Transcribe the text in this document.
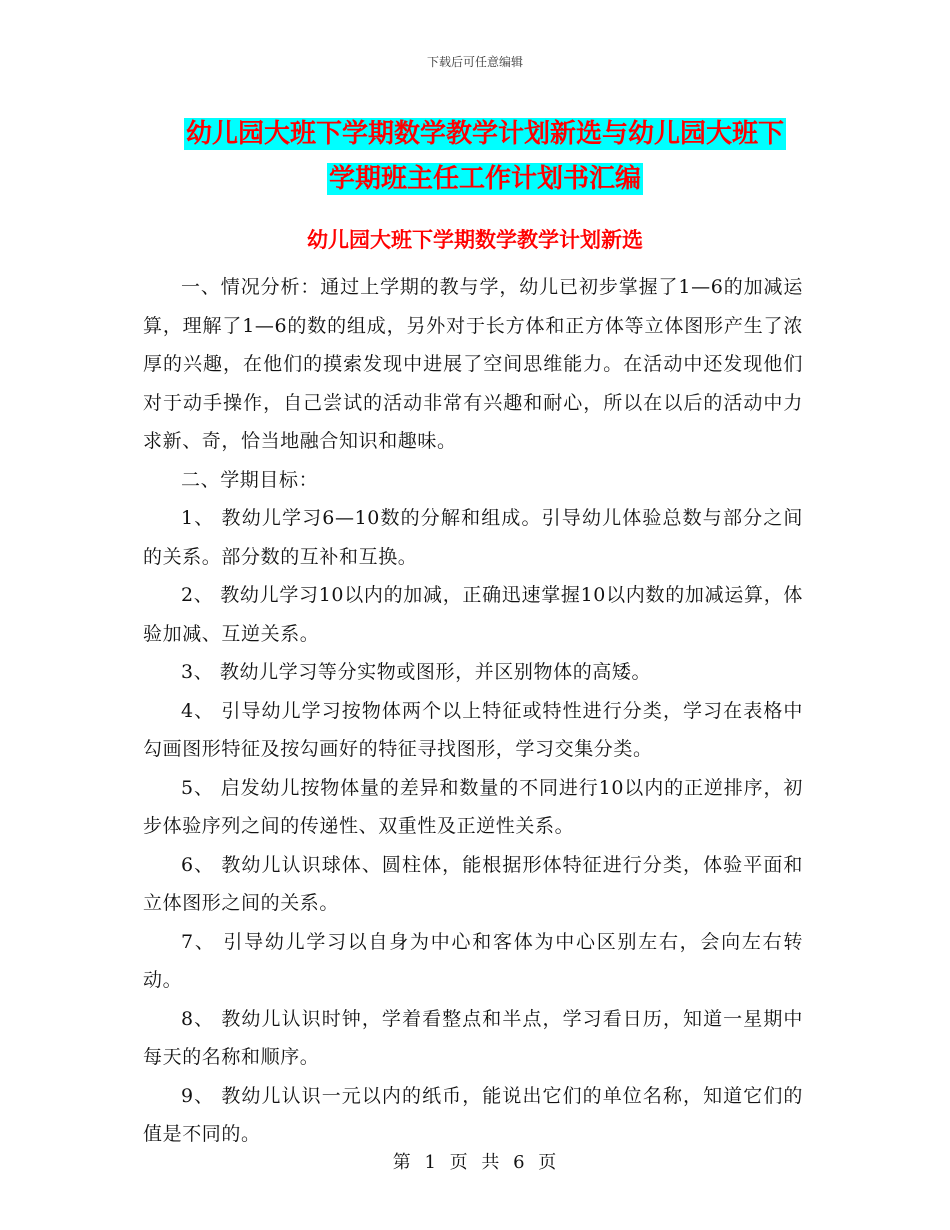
下载后可任意编辑
幼儿园大班下学期数学教学计划新选与幼儿园大班下
学期班主任工作计划书汇编
幼儿园大班下学期数学教学计划新选

一、情况分析：通过上学期的教与学，幼儿已初步掌握了1—6的加减运算，理解了1—6的数的组成，另外对于长方体和正方体等立体图形产生了浓厚的兴趣，在他们的摸索发现中进展了空间思维能力。在活动中还发现他们对于动手操作，自己尝试的活动非常有兴趣和耐心，所以在以后的活动中力求新、奇，恰当地融合知识和趣味。

二、学期目标：

1、 教幼儿学习6—10数的分解和组成。引导幼儿体验总数与部分之间的关系。部分数的互补和互换。

2、 教幼儿学习10以内的加减，正确迅速掌握10以内数的加减运算，体验加减、互逆关系。

3、 教幼儿学习等分实物或图形，并区别物体的高矮。

4、 引导幼儿学习按物体两个以上特征或特性进行分类，学习在表格中勾画图形特征及按勾画好的特征寻找图形，学习交集分类。

5、 启发幼儿按物体量的差异和数量的不同进行10以内的正逆排序，初步体验序列之间的传递性、双重性及正逆性关系。

6、 教幼儿认识球体、圆柱体，能根据形体特征进行分类，体验平面和立体图形之间的关系。

7、 引导幼儿学习以自身为中心和客体为中心区别左右，会向左右转动。

8、 教幼儿认识时钟，学着看整点和半点，学习看日历，知道一星期中每天的名称和顺序。

9、 教幼儿认识一元以内的纸币，能说出它们的单位名称，知道它们的值是不同的。

第 1 页 共 6 页
